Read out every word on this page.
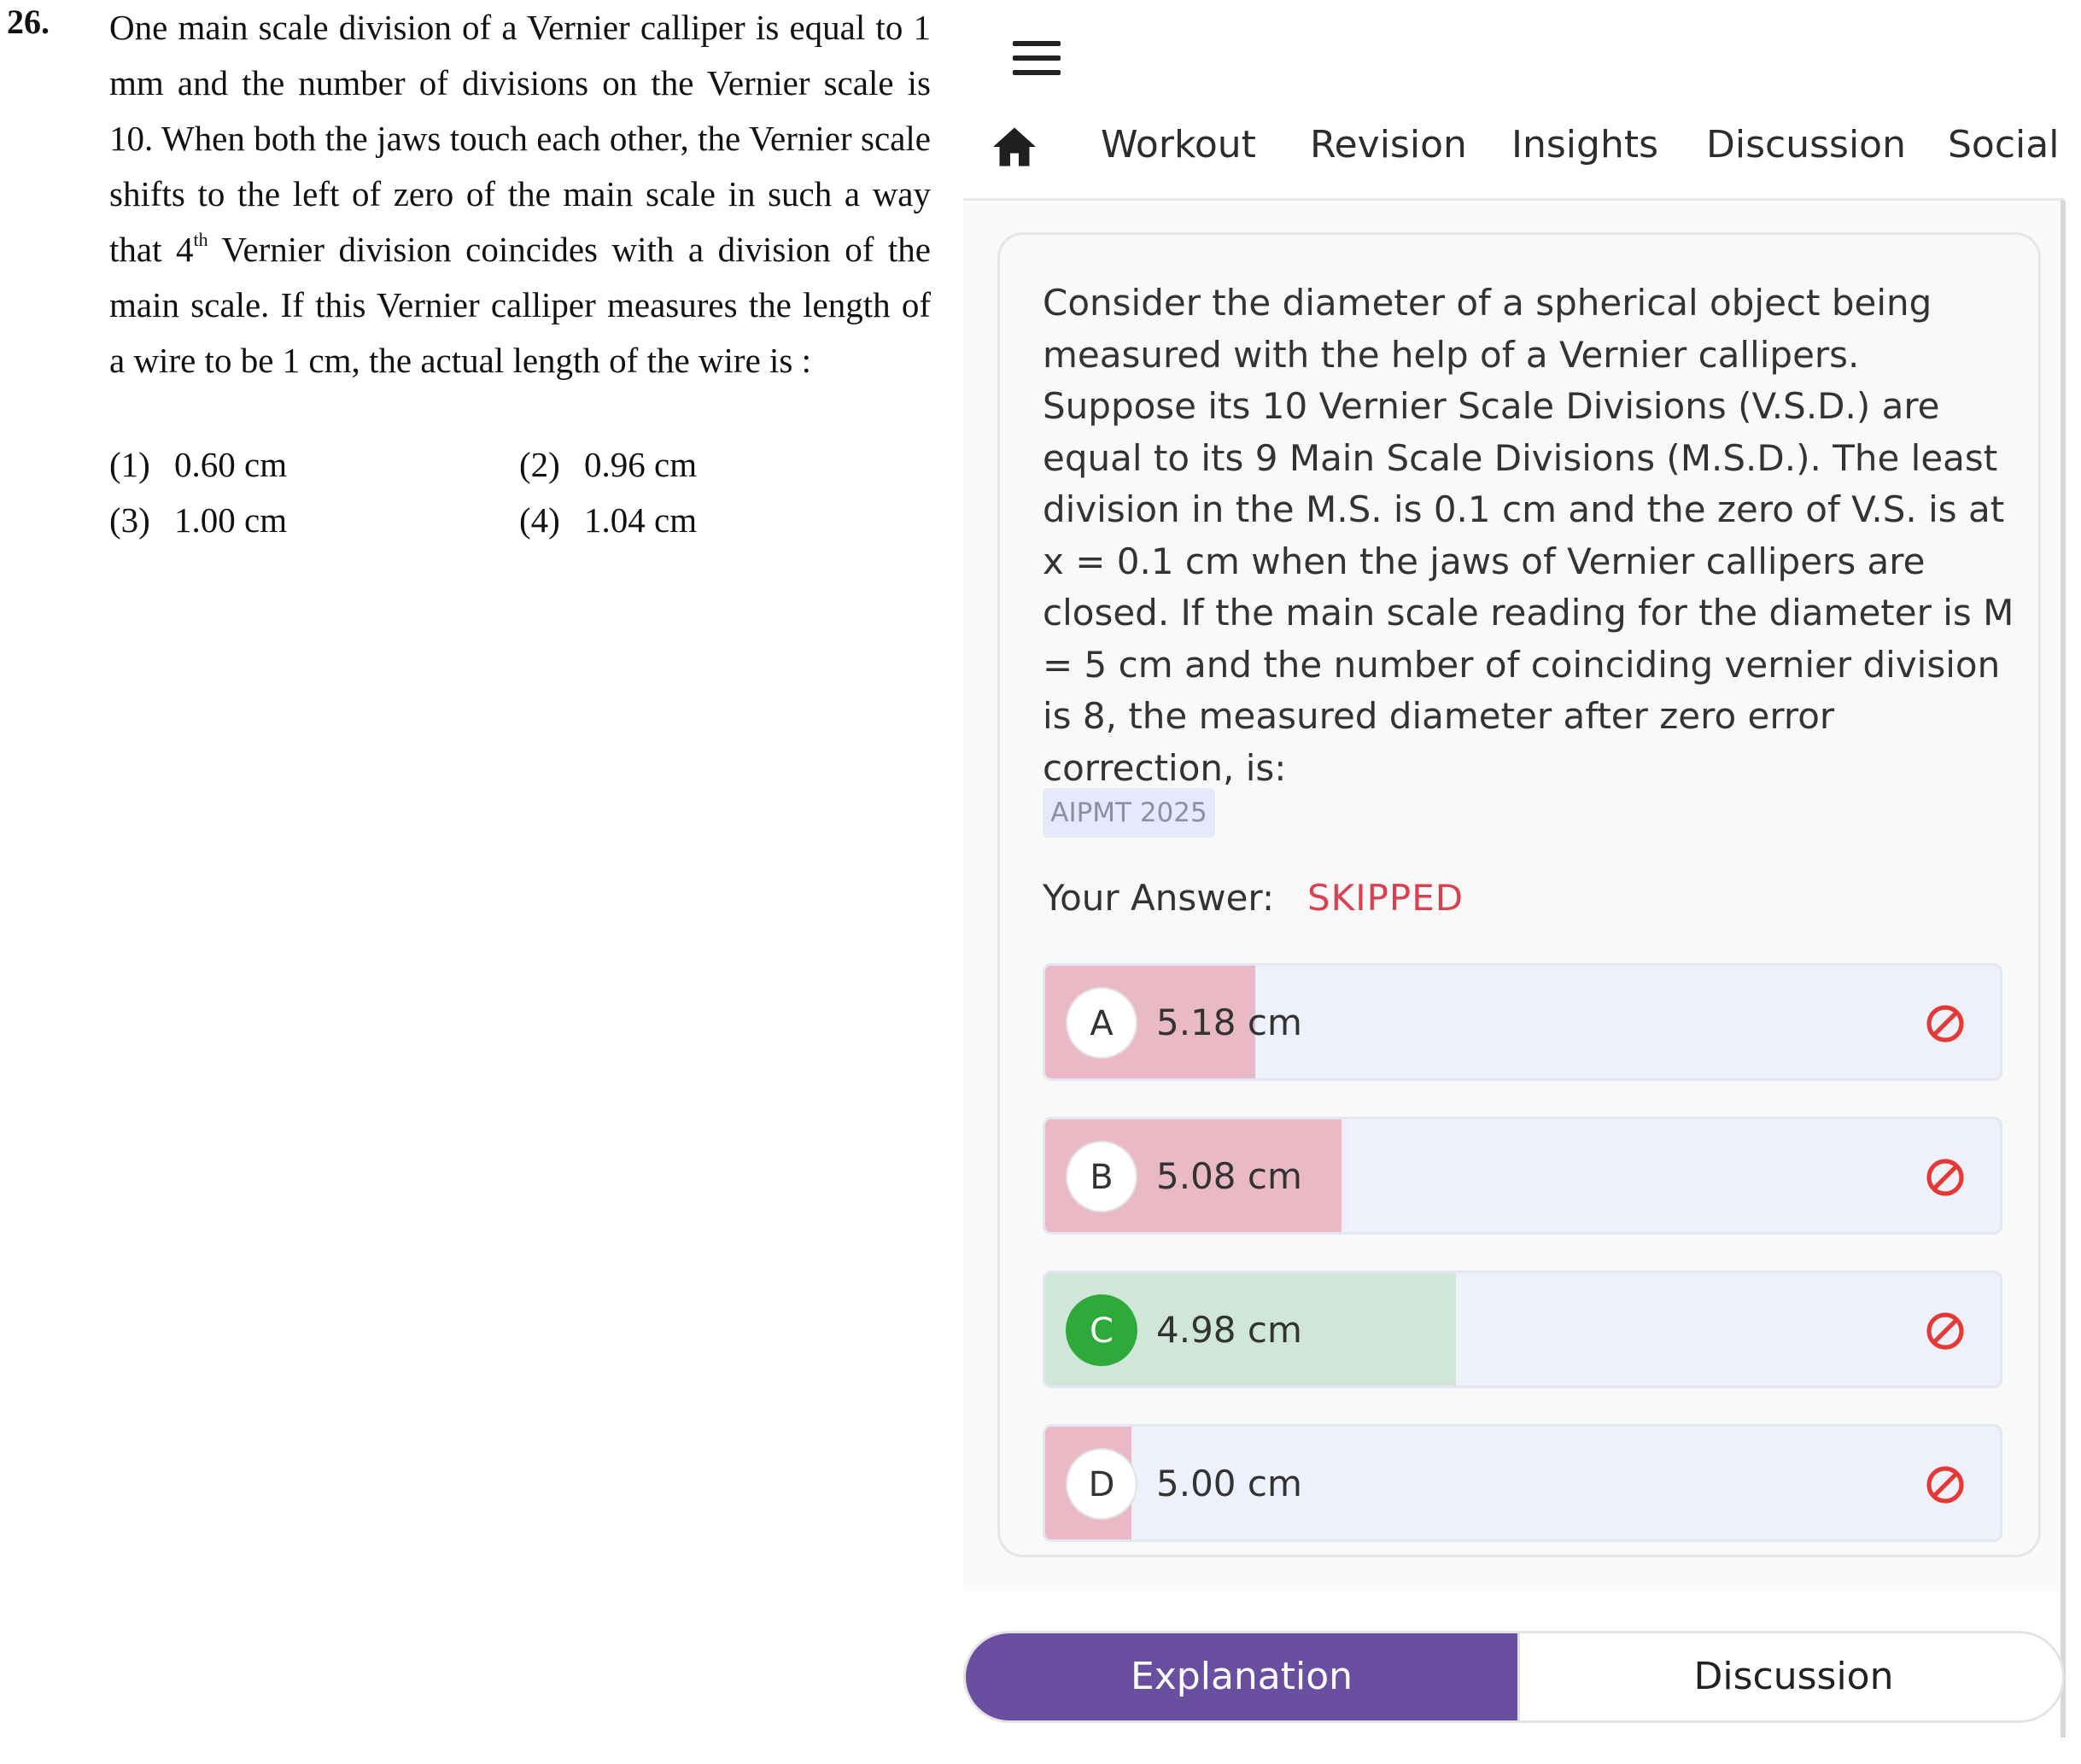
26. One main scale division of a Vernier calliper is equal to 1 mm and the number of divisions on the Vernier scale is 10. When both the jaws touch each other, the Vernier scale shifts to the left of zero of the main scale in such a way that 4th Vernier division coincides with a division of the main scale. If this Vernier calliper measures the length of a wire to be 1 cm, the actual length of the wire is :
(1) 0.60 cm	(2) 0.96 cm
(3) 1.00 cm	(4) 1.04 cm
Workout Revision Insights Discussion Social
Consider the diameter of a spherical object being measured with the help of a Vernier callipers. Suppose its 10 Vernier Scale Divisions (V.S.D.) are equal to its 9 Main Scale Divisions (M.S.D.). The least division in the M.S. is 0.1 cm and the zero of V.S. is at x = 0.1 cm when the jaws of Vernier callipers are closed. If the main scale reading for the diameter is M = 5 cm and the number of coinciding vernier division is 8, the measured diameter after zero error correction, is:
AIPMT 2025
Your Answer: SKIPPED
A	5.18 cm
B	5.08 cm
C	4.98 cm
D	5.00 cm
Explanation	Discussion
